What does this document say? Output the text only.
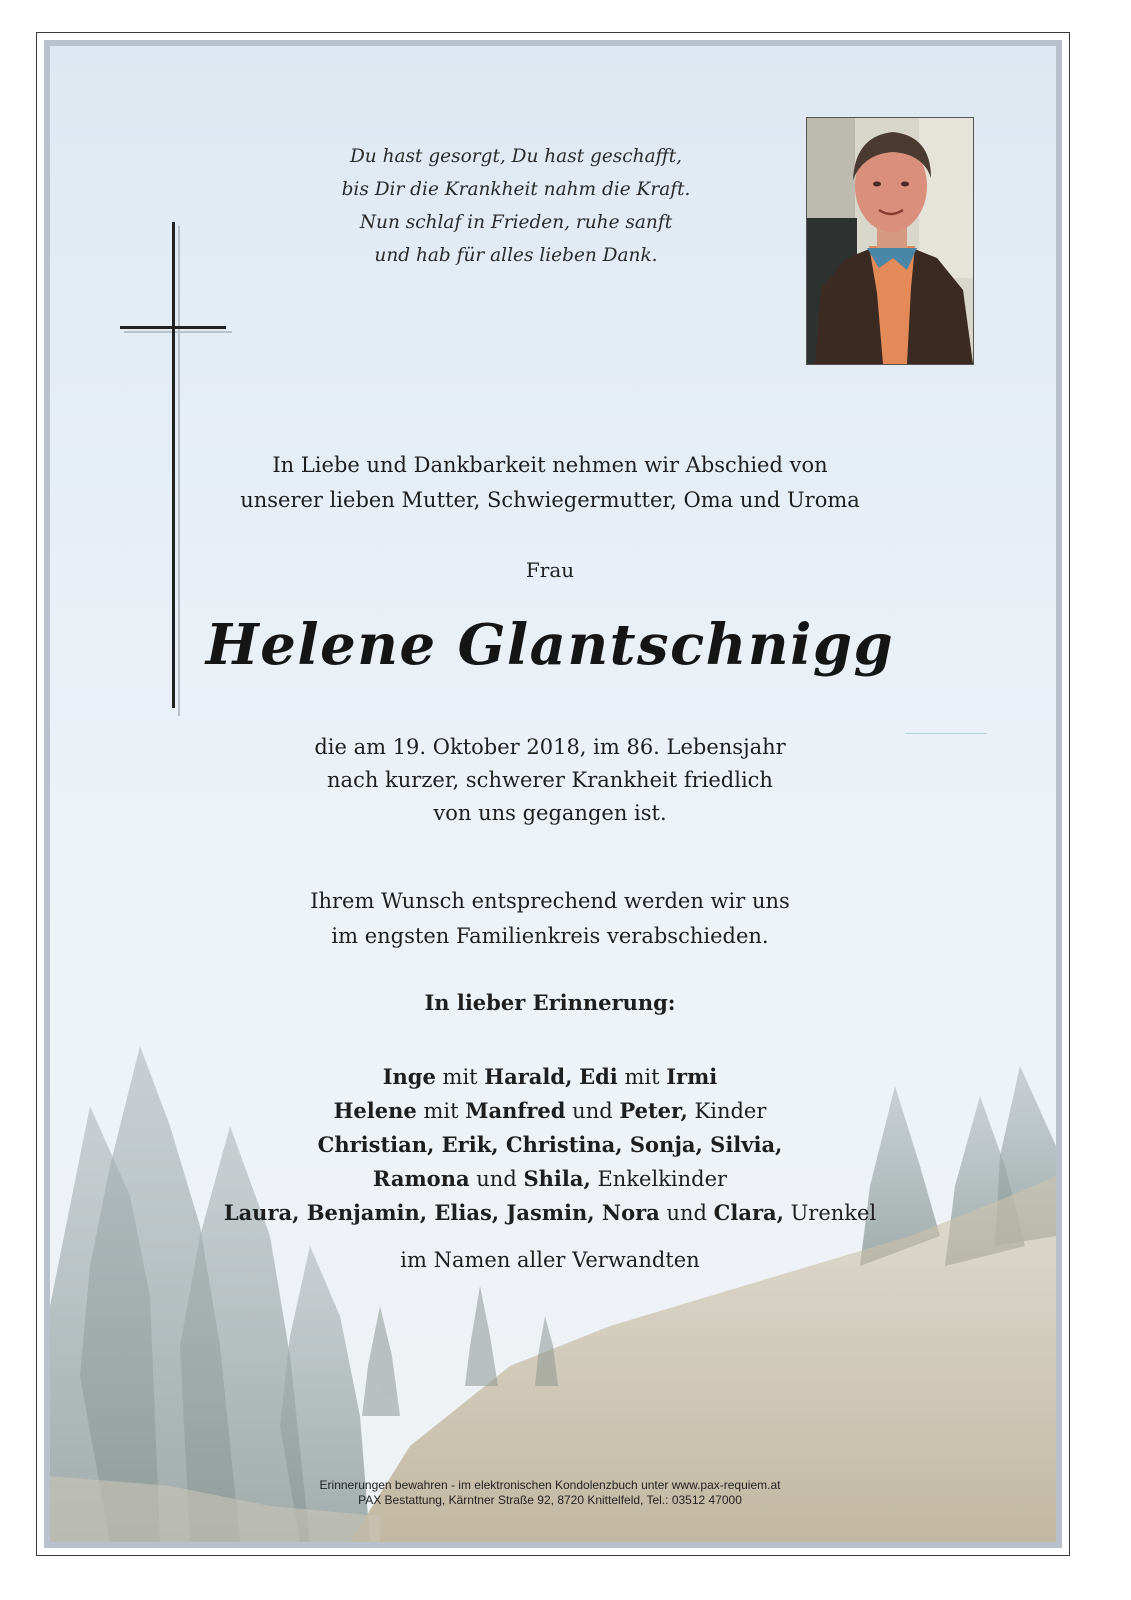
Du hast gesorgt, Du hast geschafft,
bis Dir die Krankheit nahm die Kraft.
Nun schlaf in Frieden, ruhe sanft
und hab für alles lieben Dank.
In Liebe und Dankbarkeit nehmen wir Abschied von
unserer lieben Mutter, Schwiegermutter, Oma und Uroma
Frau
Helene Glantschnigg
die am 19. Oktober 2018, im 86. Lebensjahr
nach kurzer, schwerer Krankheit friedlich
von uns gegangen ist.
Ihrem Wunsch entsprechend werden wir uns
im engsten Familienkreis verabschieden.
In lieber Erinnerung:
Inge mit Harald, Edi mit Irmi
Helene mit Manfred und Peter, Kinder
Christian, Erik, Christina, Sonja, Silvia,
Ramona und Shila, Enkelkinder
Laura, Benjamin, Elias, Jasmin, Nora und Clara, Urenkel
im Namen aller Verwandten
Erinnerungen bewahren - im elektronischen Kondolenzbuch unter www.pax-requiem.at
PAX Bestattung, Kärntner Straße 92, 8720 Knittelfeld, Tel.: 03512 47000
